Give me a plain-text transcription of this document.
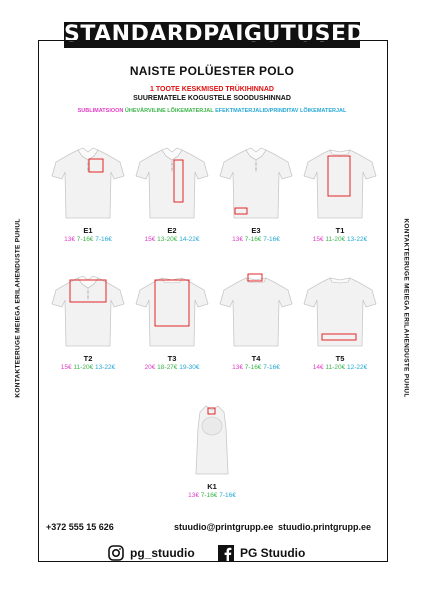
STANDARDPAIGUTUSED
NAISTE POLÜESTER POLO
1 TOOTE KESKMISED TRÜKIHINNAD
SUUREMATELE KOGUSTELE SOODUSHINNAD
SUBLIMATSIOON ÜHEVÄRVILINE LÕIKEMATERJAL EFEKTMATERJALID/PRINDITAV LÕIKEMATERJAL
KONTAKTEERUGE MEIEGA ERILAHENDUSTE PUHUL	KONTAKTEERUGE MEIEGA ERILAHENDUSTE PUHUL
E1
13€ 7-16€ 7-16€
E2
15€ 13-20€ 14-22€
E3
13€ 7-16€ 7-16€
T1
15€ 11-20€ 13-22€
T2
15€ 11-20€ 13-22€
T3
20€ 18-27€ 19-30€
T4
13€ 7-16€ 7-16€
T5
14€ 11-20€ 12-22€
K1
13€ 7-16€ 7-16€
+372 555 15 626	stuudio@printgrupp.ee stuudio.printgrupp.ee
pg_stuudio	PG Stuudio
